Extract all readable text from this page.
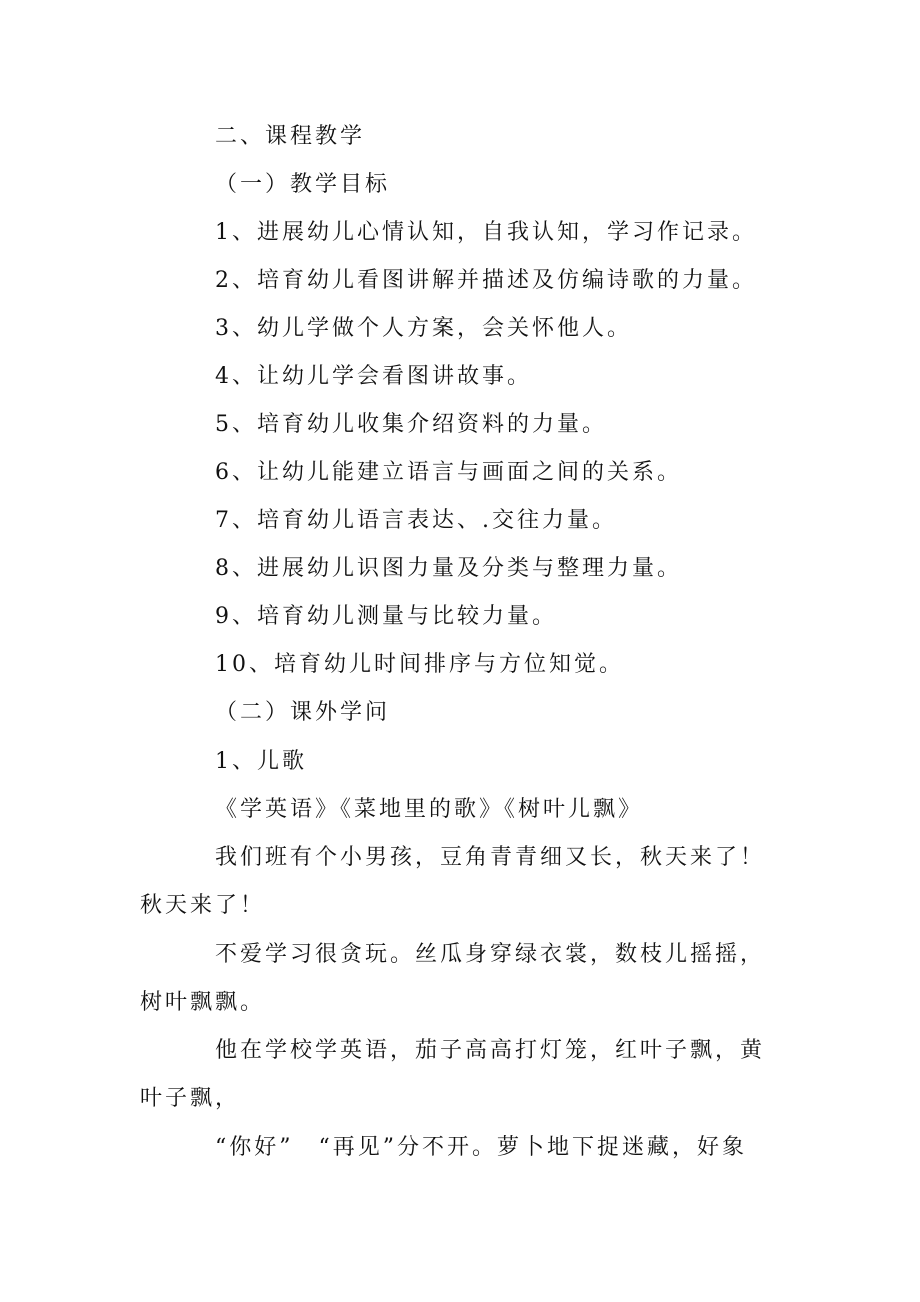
二、课程教学
（一）教学目标
1、进展幼儿心情认知，自我认知，学习作记录。
2、培育幼儿看图讲解并描述及仿编诗歌的力量。
3、幼儿学做个人方案，会关怀他人。
4、让幼儿学会看图讲故事。
5、培育幼儿收集介绍资料的力量。
6、让幼儿能建立语言与画面之间的关系。
7、培育幼儿语言表达、.交往力量。
8、进展幼儿识图力量及分类与整理力量。
9、培育幼儿测量与比较力量。
10、培育幼儿时间排序与方位知觉。
（二）课外学问
1、儿歌
《学英语》《菜地里的歌》《树叶儿飘》
我们班有个小男孩，豆角青青细又长，秋天来了！
秋天来了！
不爱学习很贪玩。丝瓜身穿绿衣裳，数枝儿摇摇，
树叶飘飘。
他在学校学英语，茄子高高打灯笼，红叶子飘，黄
叶子飘，
“你好”　“再见”分不开。萝卜地下捉迷藏，好象
